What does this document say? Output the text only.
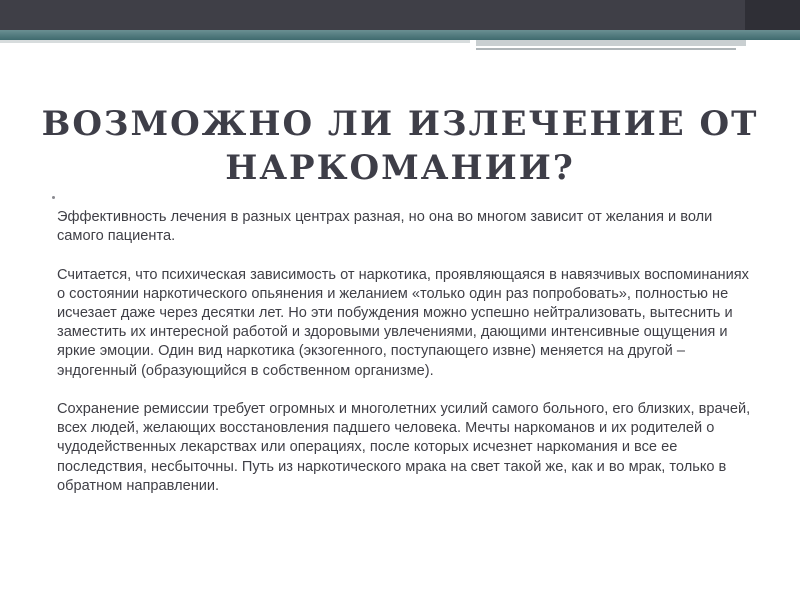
ВОЗМОЖНО ЛИ ИЗЛЕЧЕНИЕ ОТ НАРКОМАНИИ?

Эффективность лечения в разных центрах разная, но она во многом зависит от желания и воли самого пациента.

Считается, что психическая зависимость от наркотика, проявляющаяся в навязчивых воспоминаниях о состоянии наркотического опьянения и желанием «только один раз попробовать», полностью не исчезает даже через десятки лет. Но эти побуждения можно успешно нейтрализовать, вытеснить и заместить их интересной работой и здоровыми увлечениями, дающими интенсивные ощущения и яркие эмоции. Один вид наркотика (экзогенного, поступающего извне) меняется на другой – эндогенный (образующийся в собственном организме).

Сохранение ремиссии требует огромных и многолетних усилий самого больного, его близких, врачей, всех людей, желающих восстановления падшего человека. Мечты наркоманов и их родителей о чудодейственных лекарствах или операциях, после которых исчезнет наркомания и все ее последствия, несбыточны. Путь из наркотического мрака на свет такой же, как и во мрак, только в обратном направлении.
